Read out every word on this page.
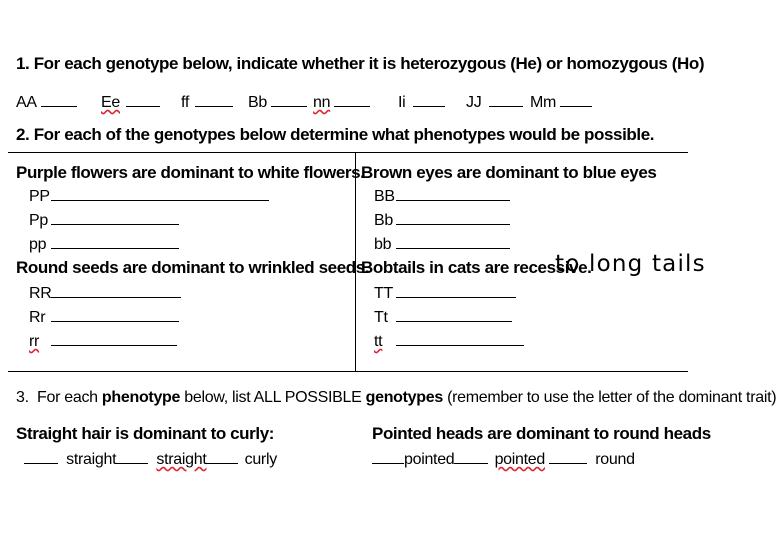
1. For each genotype below, indicate whether it is heterozygous (He) or homozygous (Ho)
AA	Ee	ff	Bb	nn	Ii	JJ	Mm
2. For each of the genotypes below determine what phenotypes would be possible.
Purple flowers are dominant to white flowers.
PP
Pp
pp
Round seeds are dominant to wrinkled seeds.
RR
Rr
rr
Brown eyes are dominant to blue eyes
BB
Bb
bb
Bobtails in cats are recessive.
to long tails
TT
Tt
tt
3.  For each phenotype below, list ALL POSSIBLE genotypes (remember to use the letter of the dominant trait)
Straight hair is dominant to curly:
straight	straight curly
Pointed heads are dominant to round heads
pointed	pointed	round
